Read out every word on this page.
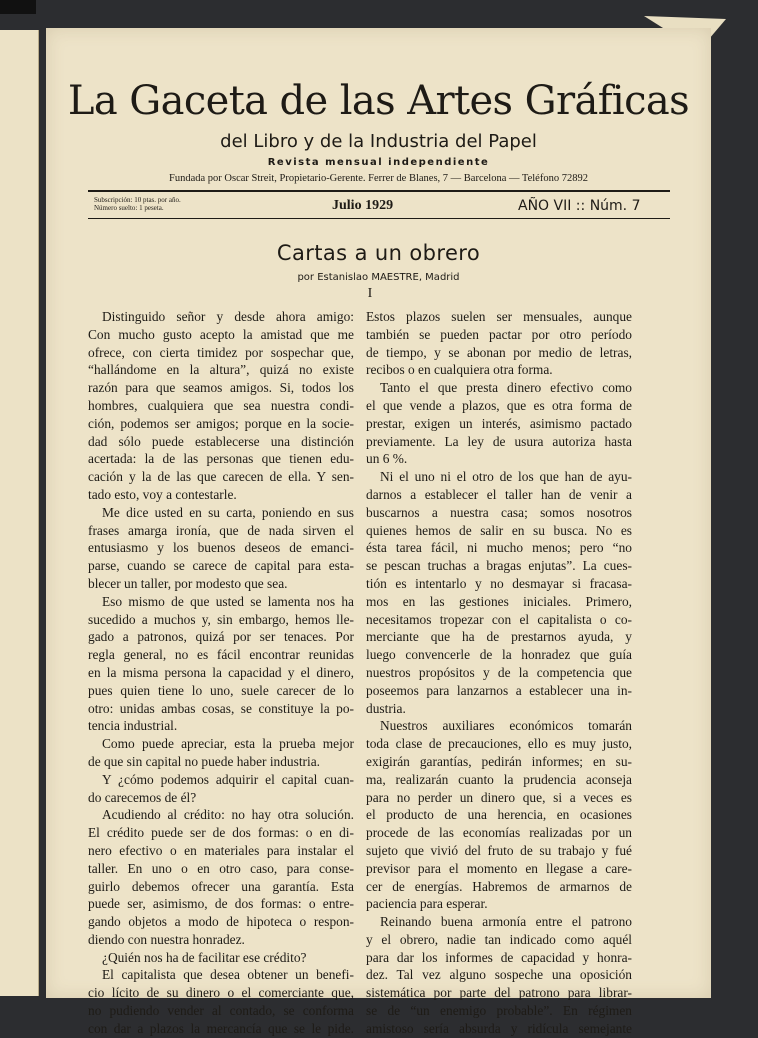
La Gaceta de las Artes Gráficas
del Libro y de la Industria del Papel
Revista mensual independiente
Fundada por Oscar Streit, Propietario-Gerente. Ferrer de Blanes, 7 — Barcelona — Teléfono 72892
Subscripción: 10 ptas. por año.
Número suelto: 1 peseta.	Julio 1929	AÑO VII :: Núm. 7
Cartas a un obrero
por Estanislao MAESTRE, Madrid
I
Distinguido señor y desde ahora amigo:
Con mucho gusto acepto la amistad que me
ofrece, con cierta timidez por sospechar que,
“hallándome en la altura”, quizá no existe
razón para que seamos amigos. Si, todos los
hombres, cualquiera que sea nuestra condi-
ción, podemos ser amigos; porque en la socie-
dad sólo puede establecerse una distinción
acertada: la de las personas que tienen edu-
cación y la de las que carecen de ella. Y sen-
tado esto, voy a contestarle.
Me dice usted en su carta, poniendo en sus
frases amarga ironía, que de nada sirven el
entusiasmo y los buenos deseos de emanci-
parse, cuando se carece de capital para esta-
blecer un taller, por modesto que sea.
Eso mismo de que usted se lamenta nos ha
sucedido a muchos y, sin embargo, hemos lle-
gado a patronos, quizá por ser tenaces. Por
regla general, no es fácil encontrar reunidas
en la misma persona la capacidad y el dinero,
pues quien tiene lo uno, suele carecer de lo
otro: unidas ambas cosas, se constituye la po-
tencia industrial.
Como puede apreciar, esta la prueba mejor
de que sin capital no puede haber industria.
Y ¿cómo podemos adquirir el capital cuan-
do carecemos de él?
Acudiendo al crédito: no hay otra solución.
El crédito puede ser de dos formas: o en di-
nero efectivo o en materiales para instalar el
taller. En uno o en otro caso, para conse-
guirlo debemos ofrecer una garantía. Esta
puede ser, asimismo, de dos formas: o entre-
gando objetos a modo de hipoteca o respon-
diendo con nuestra honradez.
¿Quién nos ha de facilitar ese crédito?
El capitalista que desea obtener un benefi-
cio lícito de su dinero o el comerciante que,
no pudiendo vender al contado, se conforma
con dar a plazos la mercancía que se le pide.
Estos plazos suelen ser mensuales, aunque
también se pueden pactar por otro período
de tiempo, y se abonan por medio de letras,
recibos o en cualquiera otra forma.
Tanto el que presta dinero efectivo como
el que vende a plazos, que es otra forma de
prestar, exigen un interés, asimismo pactado
previamente. La ley de usura autoriza hasta
un 6 %.
Ni el uno ni el otro de los que han de ayu-
darnos a establecer el taller han de venir a
buscarnos a nuestra casa; somos nosotros
quienes hemos de salir en su busca. No es
ésta tarea fácil, ni mucho menos; pero “no
se pescan truchas a bragas enjutas”. La cues-
tión es intentarlo y no desmayar si fracasa-
mos en las gestiones iniciales. Primero,
necesitamos tropezar con el capitalista o co-
merciante que ha de prestarnos ayuda, y
luego convencerle de la honradez que guía
nuestros propósitos y de la competencia que
poseemos para lanzarnos a establecer una in-
dustria.
Nuestros auxiliares económicos tomarán
toda clase de precauciones, ello es muy justo,
exigirán garantías, pedirán informes; en su-
ma, realizarán cuanto la prudencia aconseja
para no perder un dinero que, si a veces es
el producto de una herencia, en ocasiones
procede de las economías realizadas por un
sujeto que vivió del fruto de su trabajo y fué
previsor para el momento en llegase a care-
cer de energías. Habremos de armarnos de
paciencia para esperar.
Reinando buena armonía entre el patrono
y el obrero, nadie tan indicado como aquél
para dar los informes de capacidad y honra-
dez. Tal vez alguno sospeche una oposición
sistemática por parte del patrono para librar-
se de “un enemigo probable”. En régimen
amistoso sería absurda y ridícula semejante
